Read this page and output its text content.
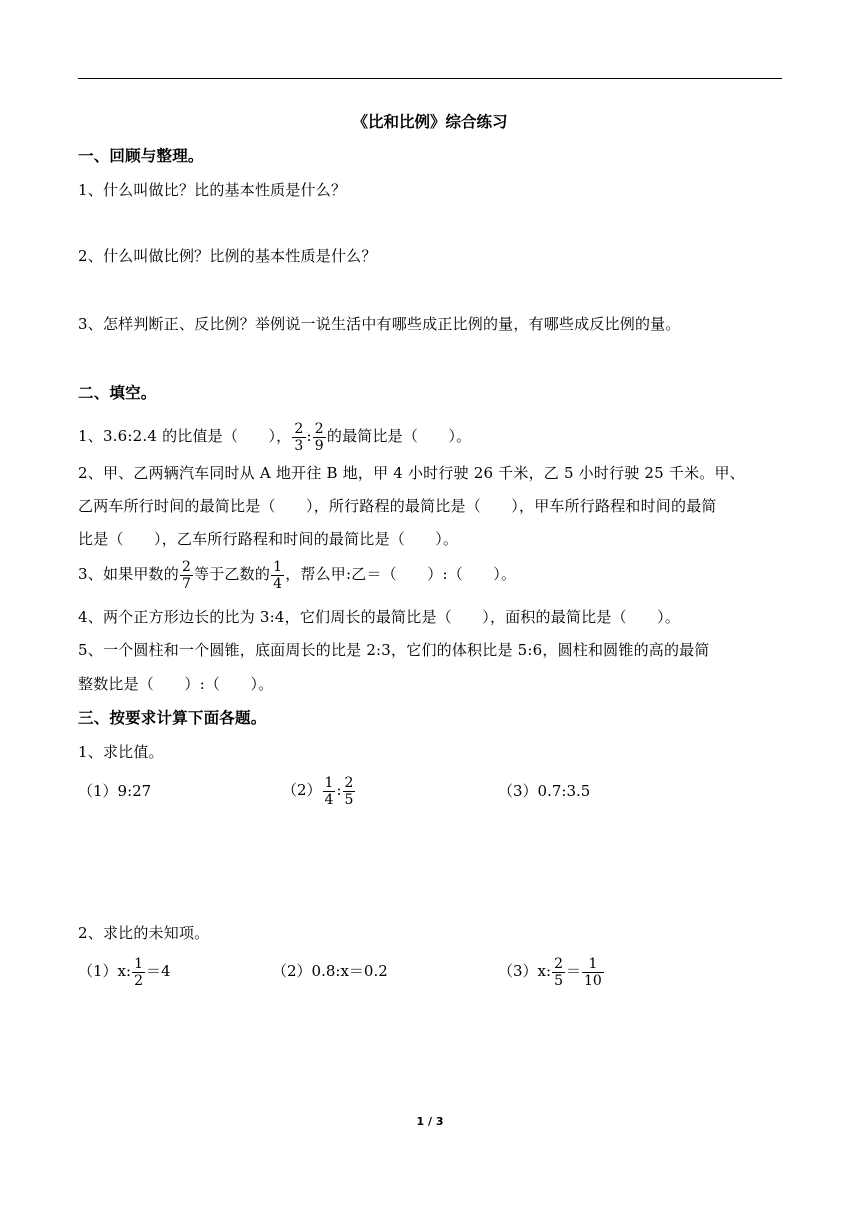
《比和比例》综合练习
一、回顾与整理。
1、什么叫做比？比的基本性质是什么？
2、什么叫做比例？比例的基本性质是什么？
3、怎样判断正、反比例？举例说一说生活中有哪些成正比例的量，有哪些成反比例的量。
二、填空。
1、3.6:2.4 的比值是（　　）， $\frac{2}{3}$ : $\frac{2}{9}$ 的最简比是（　　）。
2、甲、乙两辆汽车同时从 A 地开往 B 地，甲 4 小时行驶 26 千米，乙 5 小时行驶 25 千米。甲、
乙两车所行时间的最简比是（　　），所行路程的最简比是（　　），甲车所行路程和时间的最简
比是（　　），乙车所行路程和时间的最简比是（　　）。
3、如果甲数的 $\frac{2}{7}$ 等于乙数的 $\frac{1}{4}$ ，帮么甲:乙＝（　　）:（　　）。
4、两个正方形边长的比为 3:4，它们周长的最简比是（　　），面积的最简比是（　　）。
5、一个圆柱和一个圆锥，底面周长的比是 2:3，它们的体积比是 5:6，圆柱和圆锥的高的最简
整数比是（　　）:（　　）。
三、按要求计算下面各题。
1、求比值。
（1）9:27	$(2) \frac{1}{4}$ : $\frac{2}{5}$	（3）0.7:3.5
2、求比的未知项。
（1）x: $\frac{1}{2} =4$	（2）0.8:x＝0.2	（3）x: $\frac{2}{5} = \frac{1}{10}$
1 / 3
